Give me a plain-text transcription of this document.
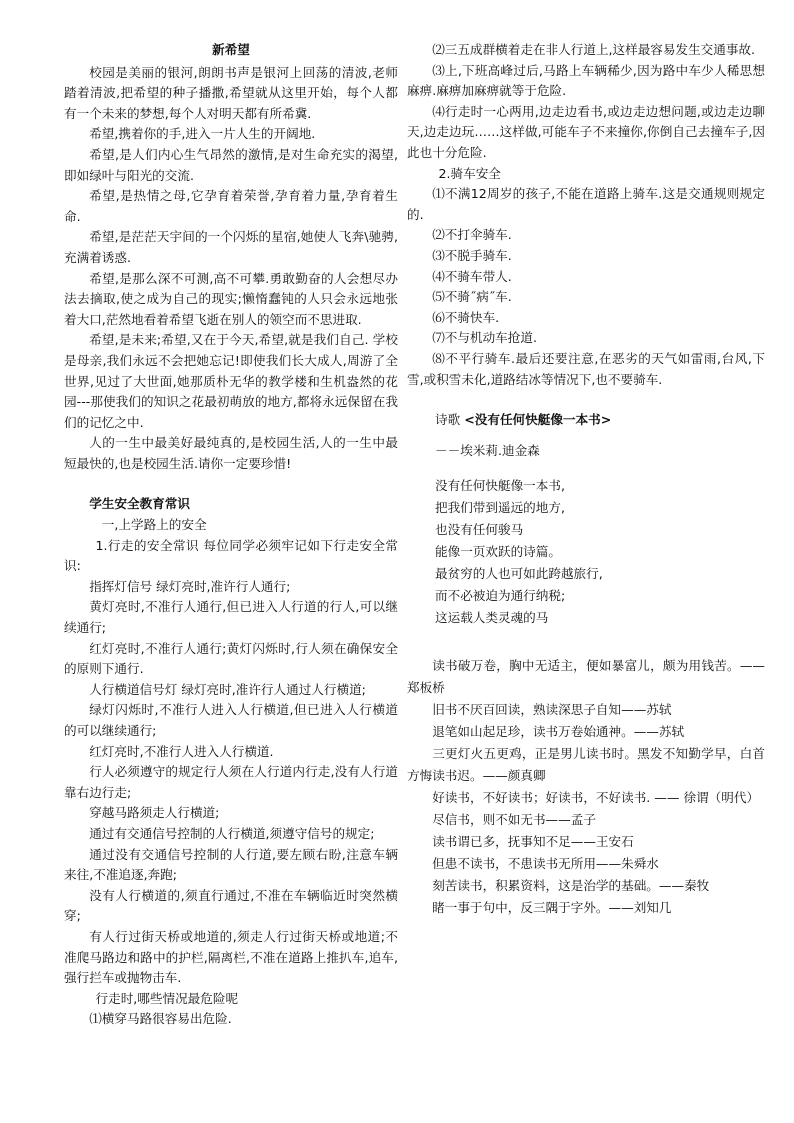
新希望

校园是美丽的银河,朗朗书声是银河上回荡的清波,老师踏着清波,把希望的种子播撒,希望就从这里开始，每个人都有一个未来的梦想,每个人对明天都有所希冀.

希望,携着你的手,进入一片人生的开阔地.

希望,是人们内心生气昂然的激情,是对生命充实的渴望,即如绿叶与阳光的交流.

希望,是热情之母,它孕育着荣誉,孕育着力量,孕育着生命.

希望,是茫茫天宇间的一个闪烁的星宿,她使人飞奔\驰骋,充满着诱惑.

希望,是那么深不可测,高不可攀.勇敢勤奋的人会想尽办法去摘取,使之成为自己的现实;懒惰蠢钝的人只会永远地张着大口,茫然地看着希望飞逝在别人的领空而不思进取.

希望,是未来;希望,又在于今天,希望,就是我们自己. 学校是母亲,我们永远不会把她忘记!即使我们长大成人,周游了全世界,见过了大世面,她那质朴无华的教学楼和生机盎然的花园---那使我们的知识之花最初萌放的地方,都将永远保留在我们的记忆之中.

人的一生中最美好最纯真的,是校园生活,人的一生中最短最快的,也是校园生活.请你一定要珍惜!

学生安全教育常识

一,上学路上的安全

1.行走的安全常识 每位同学必须牢记如下行走安全常识:

指挥灯信号 绿灯亮时,准许行人通行;

黄灯亮时,不准行人通行,但已进入人行道的行人,可以继续通行;

红灯亮时,不准行人通行;黄灯闪烁时,行人须在确保安全的原则下通行.

人行横道信号灯 绿灯亮时,准许行人通过人行横道;

绿灯闪烁时,不准行人进入人行横道,但已进入人行横道的可以继续通行;

红灯亮时,不准行人进入人行横道.

行人必须遵守的规定行人须在人行道内行走,没有人行道靠右边行走;

穿越马路须走人行横道;

通过有交通信号控制的人行横道,须遵守信号的规定;

通过没有交通信号控制的人行道,要左顾右盼,注意车辆来往,不准追逐,奔跑;

没有人行横道的,须直行通过,不准在车辆临近时突然横穿;

有人行过街天桥或地道的,须走人行过街天桥或地道;不准爬马路边和路中的护栏,隔离栏,不准在道路上推扒车,追车,强行拦车或抛物击车.

行走时,哪些情况最危险呢

⑴横穿马路很容易出危险.

⑵三五成群横着走在非人行道上,这样最容易发生交通事故.

⑶上,下班高峰过后,马路上车辆稀少,因为路中车少人稀思想麻痹.麻痹加麻痹就等于危险.

⑷行走时一心两用,边走边看书,或边走边想问题,或边走边聊天,边走边玩……这样做,可能车子不来撞你,你倒自己去撞车子,因此也十分危险.

2.骑车安全

⑴不满12周岁的孩子,不能在道路上骑车.这是交通规则规定的.

⑵不打伞骑车.

⑶不脱手骑车.

⑷不骑车带人.

⑸不骑˝病˝车.

⑹不骑快车.

⑺不与机动车抢道.

⑻不平行骑车.最后还要注意,在恶劣的天气如雷雨,台风,下雪,或积雪未化,道路结冰等情况下,也不要骑车.

诗歌 <没有任何快艇像一本书>

－－埃米莉.迪金森

没有任何快艇像一本书,

把我们带到遥远的地方,

也没有任何骏马

能像一页欢跃的诗篇。

最贫穷的人也可如此跨越旅行,

而不必被迫为通行纳税;

这运载人类灵魂的马

读书破万卷，胸中无适主，便如暴富儿，颇为用钱苦。——郑板桥

旧书不厌百回读，熟读深思子自知——苏轼

退笔如山起足珍，读书万卷始通神。——苏轼

三更灯火五更鸡，正是男儿读书时。黑发不知勤学早，白首方悔读书迟。——颜真卿

好读书，不好读书；好读书，不好读书. —— 徐谓（明代）

尽信书，则不如无书——孟子

读书谓已多，抚事知不足——王安石

但患不读书，不患读书无所用——朱舜水

刻苦读书，积累资料，这是治学的基础。——秦牧

睹一事于句中，反三隅于字外。——刘知几
